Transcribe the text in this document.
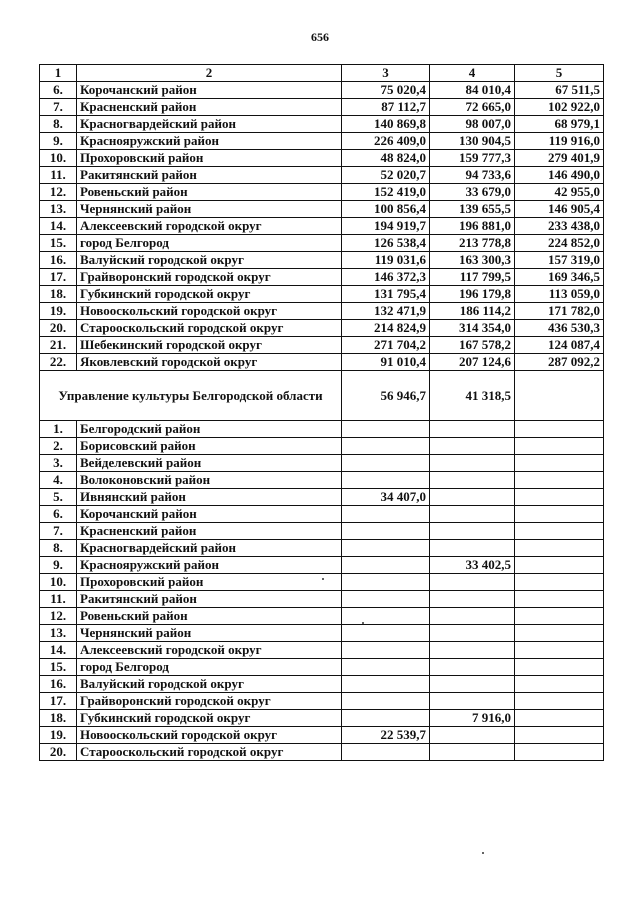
656
1	2	3	4	5
6.	Корочанский район	75 020,4	84 010,4	67 511,5
7.	Красненский район	87 112,7	72 665,0	102 922,0
8.	Красногвардейский район	140 869,8	98 007,0	68 979,1
9.	Краснояружский район	226 409,0	130 904,5	119 916,0
10.	Прохоровский район	48 824,0	159 777,3	279 401,9
11.	Ракитянский район	52 020,7	94 733,6	146 490,0
12.	Ровеньский район	152 419,0	33 679,0	42 955,0
13.	Чернянский район	100 856,4	139 655,5	146 905,4
14.	Алексеевский городской округ	194 919,7	196 881,0	233 438,0
15.	город Белгород	126 538,4	213 778,8	224 852,0
16.	Валуйский городской округ	119 031,6	163 300,3	157 319,0
17.	Грайворонский городской округ	146 372,3	117 799,5	169 346,5
18.	Губкинский городской округ	131 795,4	196 179,8	113 059,0
19.	Новооскольский городской округ	132 471,9	186 114,2	171 782,0
20.	Старооскольский городской округ	214 824,9	314 354,0	436 530,3
21.	Шебекинский городской округ	271 704,2	167 578,2	124 087,4
22.	Яковлевский городской округ	91 010,4	207 124,6	287 092,2
Управление культуры Белгородской области		56 946,7	41 318,5	
1.	Белгородский район			
2.	Борисовский район			
3.	Вейделевский район			
4.	Волоконовский район			
5.	Ивнянский район	34 407,0		
6.	Корочанский район			
7.	Красненский район			
8.	Красногвардейский район			
9.	Краснояружский район		33 402,5	
10.	Прохоровский район			
11.	Ракитянский район			
12.	Ровеньский район			
13.	Чернянский район			
14.	Алексеевский городской округ			
15.	город Белгород			
16.	Валуйский городской округ			
17.	Грайворонский городской округ			
18.	Губкинский городской округ		7 916,0	
19.	Новооскольский городской округ	22 539,7		
20.	Старооскольский городской округ			
